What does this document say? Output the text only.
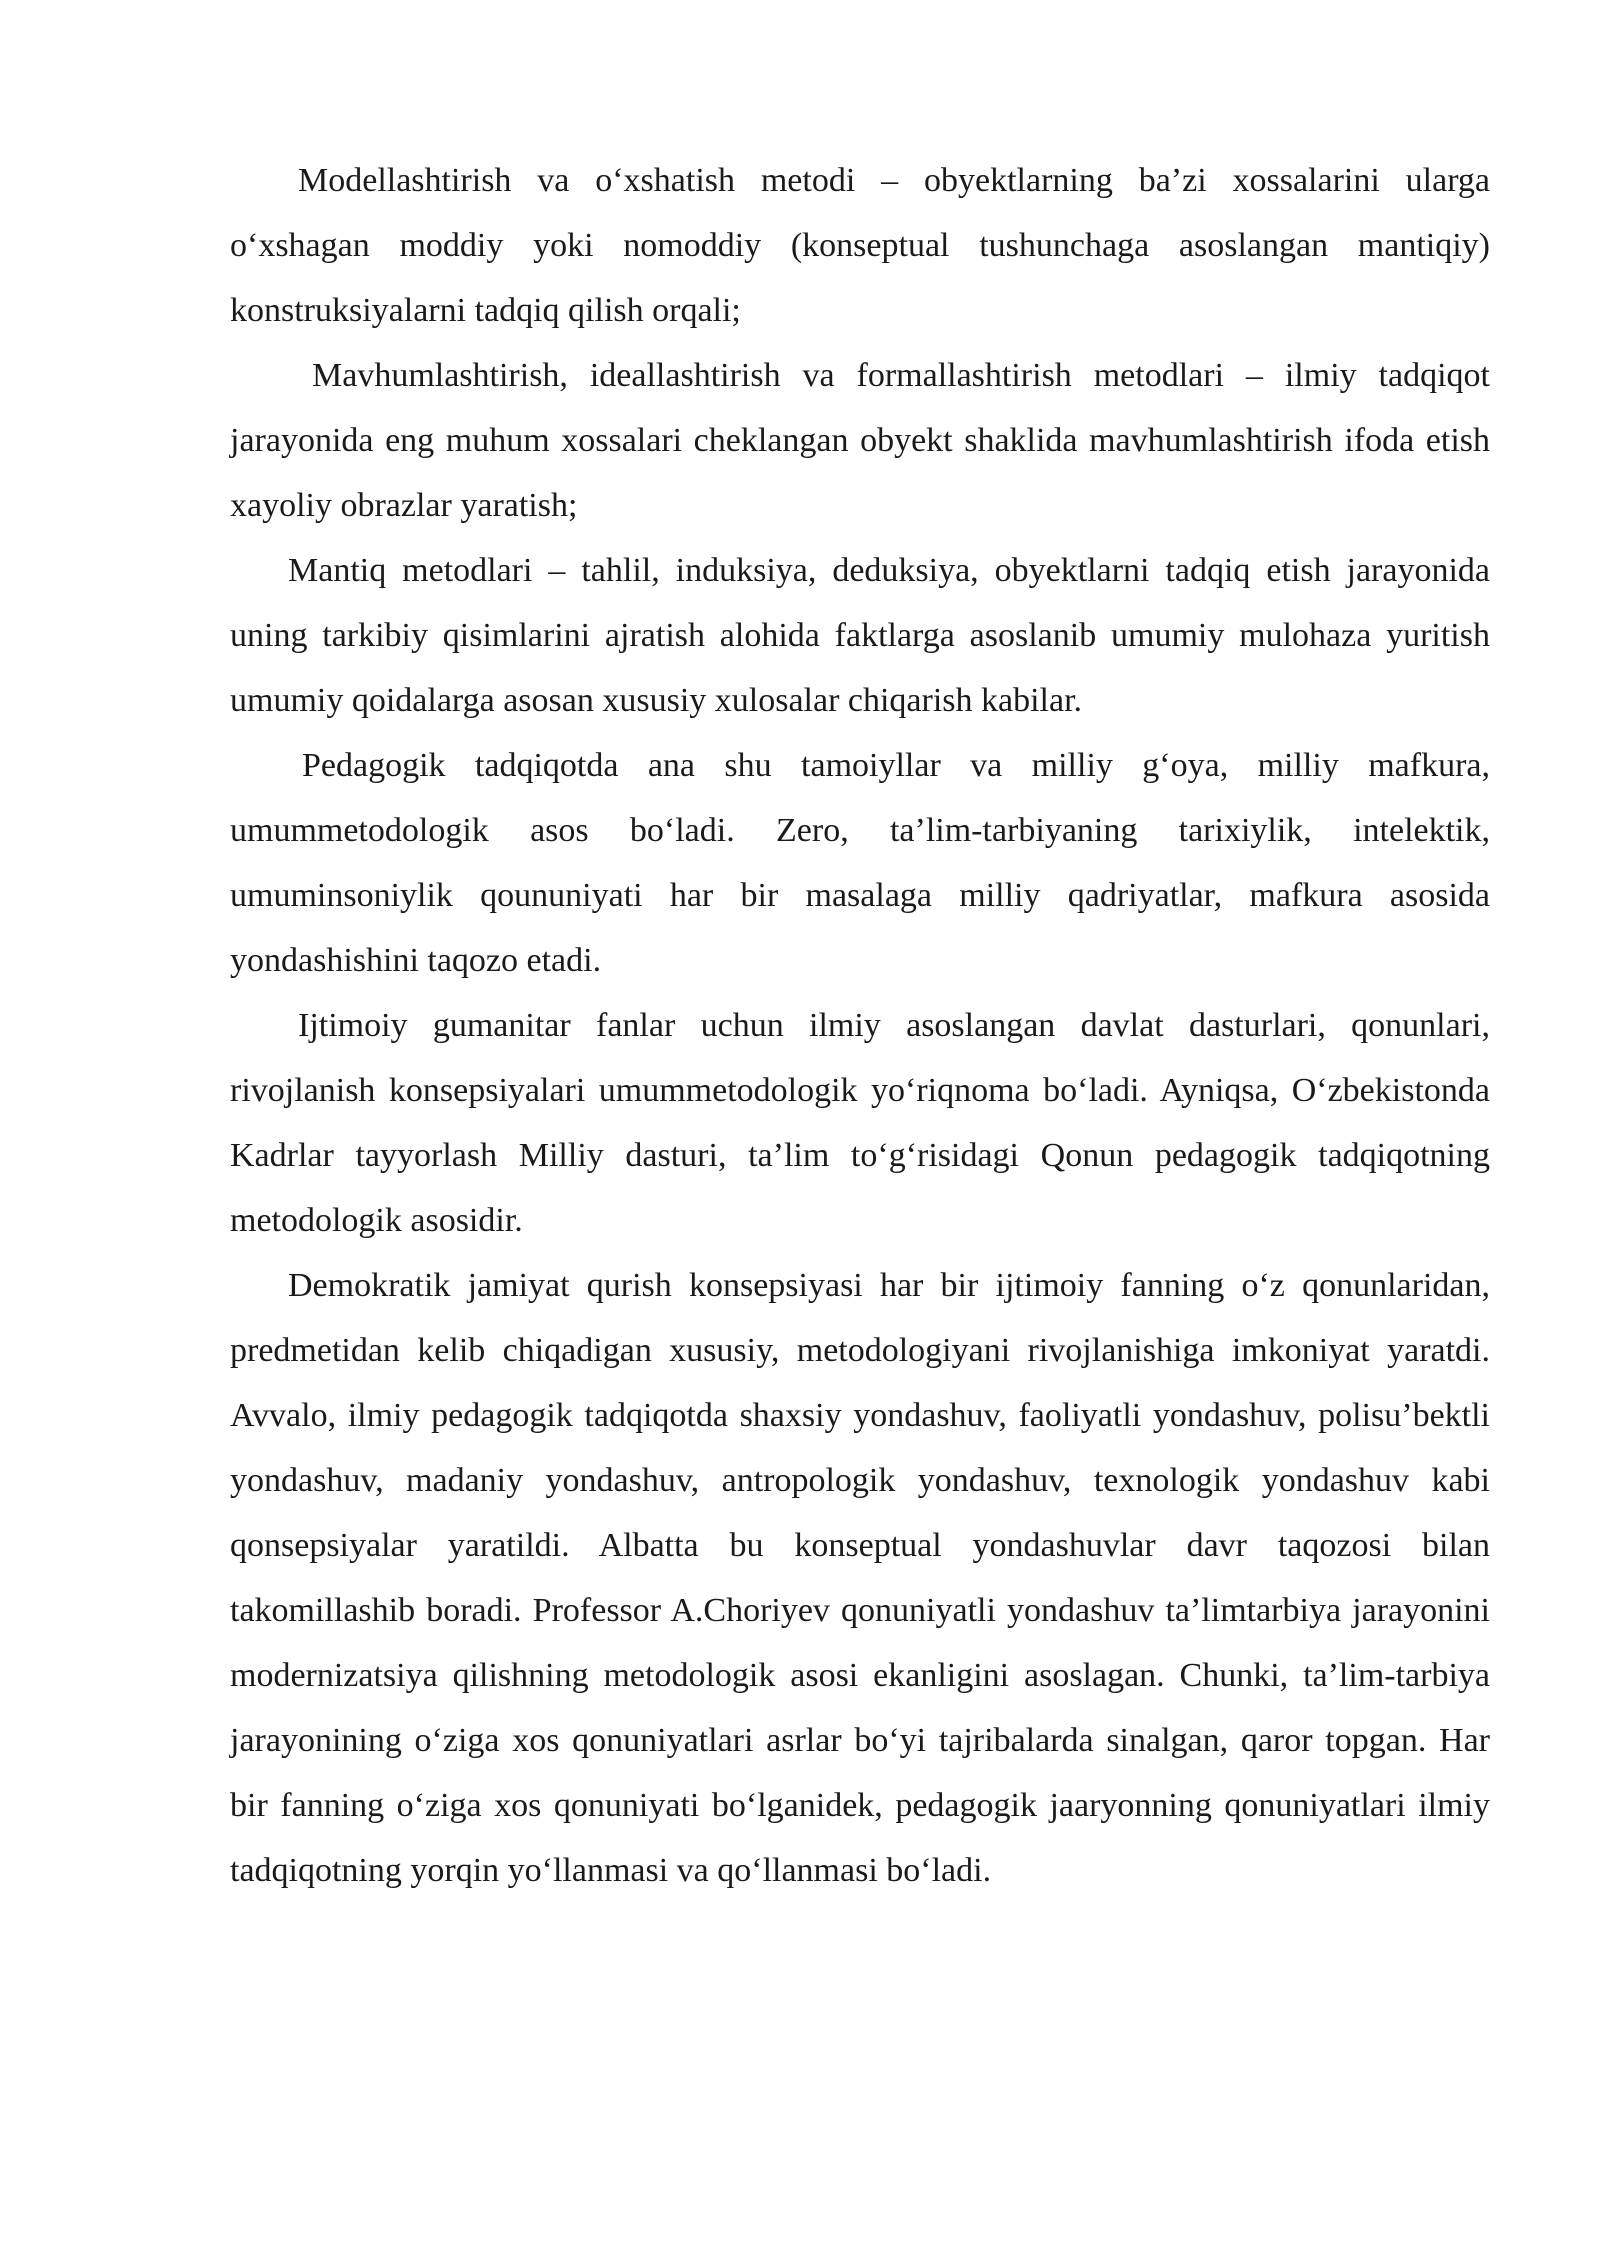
Modellashtirish va o‘xshatish metodi – obyektlarning ba’zi xossalarini ularga o‘xshagan moddiy yoki nomoddiy (konseptual tushunchaga asoslangan mantiqiy) konstruksiyalarni tadqiq qilish orqali;

Mavhumlashtirish, ideallashtirish va formallashtirish metodlari – ilmiy tadqiqot jarayonida eng muhum xossalari cheklangan obyekt shaklida mavhumlashtirish ifoda etish xayoliy obrazlar yaratish;

Mantiq metodlari – tahlil, induksiya, deduksiya, obyektlarni tadqiq etish jarayonida uning tarkibiy qisimlarini ajratish alohida faktlarga asoslanib umumiy mulohaza yuritish umumiy qoidalarga asosan xususiy xulosalar chiqarish kabilar.

Pedagogik tadqiqotda ana shu tamoiyllar va milliy g‘oya, milliy mafkura, umummetodologik asos bo‘ladi. Zero, ta’lim-tarbiyaning tarixiylik, intelektik, umuminsoniylik qoununiyati har bir masalaga milliy qadriyatlar, mafkura asosida yondashishini taqozo etadi.

Ijtimoiy gumanitar fanlar uchun ilmiy asoslangan davlat dasturlari, qonunlari, rivojlanish konsepsiyalari umummetodologik yo‘riqnoma bo‘ladi. Ayniqsa, O‘zbekistonda Kadrlar tayyorlash Milliy dasturi, ta’lim to‘g‘risidagi Qonun pedagogik tadqiqotning metodologik asosidir.

Demokratik jamiyat qurish konsepsiyasi har bir ijtimoiy fanning o‘z qonunlaridan, predmetidan kelib chiqadigan xususiy, metodologiyani rivojlanishiga imkoniyat yaratdi. Avvalo, ilmiy pedagogik tadqiqotda shaxsiy yondashuv, faoliyatli yondashuv, polisu’bektli yondashuv, madaniy yondashuv, antropologik yondashuv, texnologik yondashuv kabi qonsepsiyalar yaratildi. Albatta bu konseptual yondashuvlar davr taqozosi bilan takomillashib boradi. Professor A.Choriyev qonuniyatli yondashuv ta’limtarbiya jarayonini modernizatsiya qilishning metodologik asosi ekanligini asoslagan. Chunki, ta’lim-tarbiya jarayonining o‘ziga xos qonuniyatlari asrlar bo‘yi tajribalarda sinalgan, qaror topgan. Har bir fanning o‘ziga xos qonuniyati bo‘lganidek, pedagogik jaaryonning qonuniyatlari ilmiy tadqiqotning yorqin yo‘llanmasi va qo‘llanmasi bo‘ladi.
